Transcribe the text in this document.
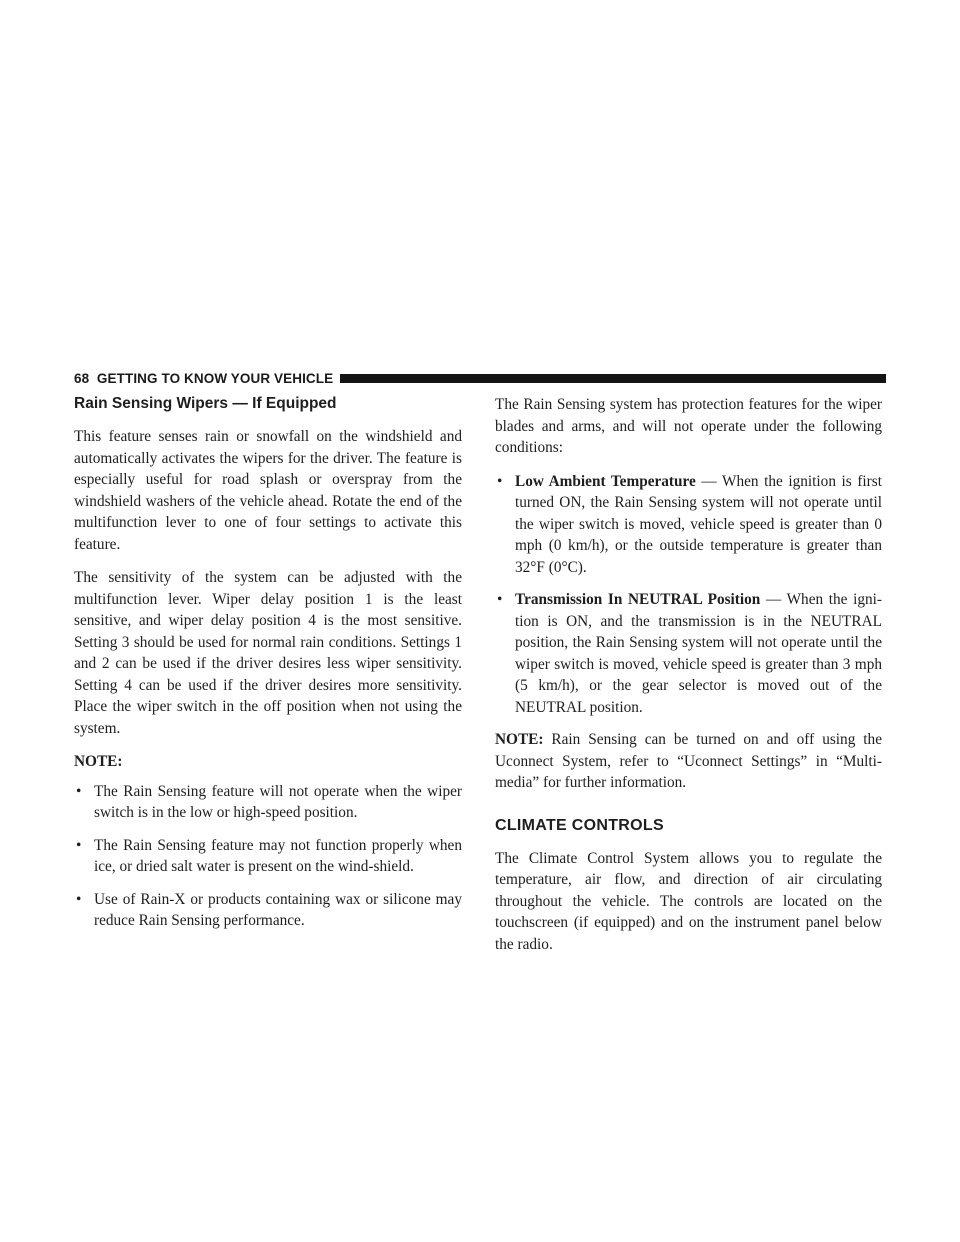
68 GETTING TO KNOW YOUR VEHICLE
Rain Sensing Wipers — If Equipped

This feature senses rain or snowfall on the windshield and automatically activates the wipers for the driver. The feature is especially useful for road splash or overspray from the windshield washers of the vehicle ahead. Rotate the end of the multifunction lever to one of four settings to activate this feature.

The sensitivity of the system can be adjusted with the multifunction lever. Wiper delay position 1 is the least sensitive, and wiper delay position 4 is the most sensitive. Setting 3 should be used for normal rain conditions. Settings 1 and 2 can be used if the driver desires less wiper sensitivity. Setting 4 can be used if the driver desires more sensitivity. Place the wiper switch in the off position when not using the system.

NOTE:

• The Rain Sensing feature will not operate when the wiper switch is in the low or high-speed position.
• The Rain Sensing feature may not function properly when ice, or dried salt water is present on the wind-shield.
• Use of Rain-X or products containing wax or silicone may reduce Rain Sensing performance.

The Rain Sensing system has protection features for the wiper blades and arms, and will not operate under the following conditions:

• Low Ambient Temperature — When the ignition is first turned ON, the Rain Sensing system will not operate until the wiper switch is moved, vehicle speed is greater than 0 mph (0 km/h), or the outside temperature is greater than 32°F (0°C).
• Transmission In NEUTRAL Position — When the igni-tion is ON, and the transmission is in the NEUTRAL position, the Rain Sensing system will not operate until the wiper switch is moved, vehicle speed is greater than 3 mph (5 km/h), or the gear selector is moved out of the NEUTRAL position.

NOTE: Rain Sensing can be turned on and off using the Uconnect System, refer to “Uconnect Settings” in “Multi-media” for further information.

CLIMATE CONTROLS

The Climate Control System allows you to regulate the temperature, air flow, and direction of air circulating throughout the vehicle. The controls are located on the touchscreen (if equipped) and on the instrument panel below the radio.
